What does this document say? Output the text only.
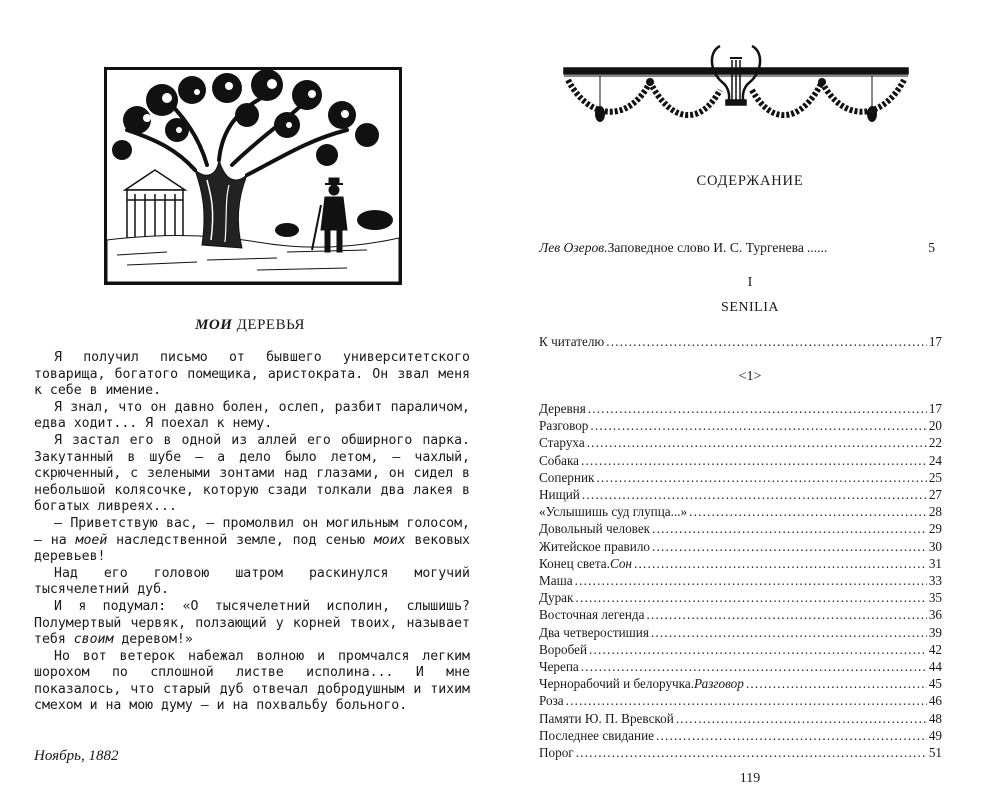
МОИ ДЕРЕВЬЯ

Я получил письмо от бывшего университетского товарища, богатого помещика, аристократа. Он звал меня к себе в имение.

Я знал, что он давно болен, ослеп, разбит параличом, едва ходит... Я поехал к нему.

Я застал его в одной из аллей его обширного парка. Закутанный в шубе — а дело было летом, — чахлый, скрюченный, с зелеными зонтами над глазами, он сидел в небольшой колясочке, которую сзади толкали два лакея в богатых ливреях...

— Приветствую вас, — промолвил он могильным голосом, — на моей наследственной земле, под сенью моих вековых деревьев!

Над его головою шатром раскинулся могучий тысячелетний дуб.

И я подумал: «О тысячелетний исполин, слышишь? Полумертвый червяк, ползающий у корней твоих, называет тебя своим деревом!»

Но вот ветерок набежал волною и промчался легким шорохом по сплошной листве исполина... И мне показалось, что старый дуб отвечал добродушным и тихим смехом и на мою думу — и на похвальбу больного.

Ноябрь, 1882
СОДЕРЖАНИЕ
Лев Озеров. Заповедное слово И. С. Тургенева ......	5
I
SENILIA
К читателю .....	17
<1>
Деревня .....	17
Разговор .....	20
Старуха .....	22
Собака .....	24
Соперник .....	25
Нищий .....	27
«Услышишь суд глупца...» .....	28
Довольный человек .....	29
Житейское правило .....	30
Конец света. Сон .....	31
Маша .....	33
Дурак .....	35
Восточная легенда .....	36
Два четверостишия .....	39
Воробей .....	42
Черепа .....	44
Чернорабочий и белоручка. Разговор .....	45
Роза .....	46
Памяти Ю. П. Вревской .....	48
Последнее свидание .....	49
Порог .....	51
119
